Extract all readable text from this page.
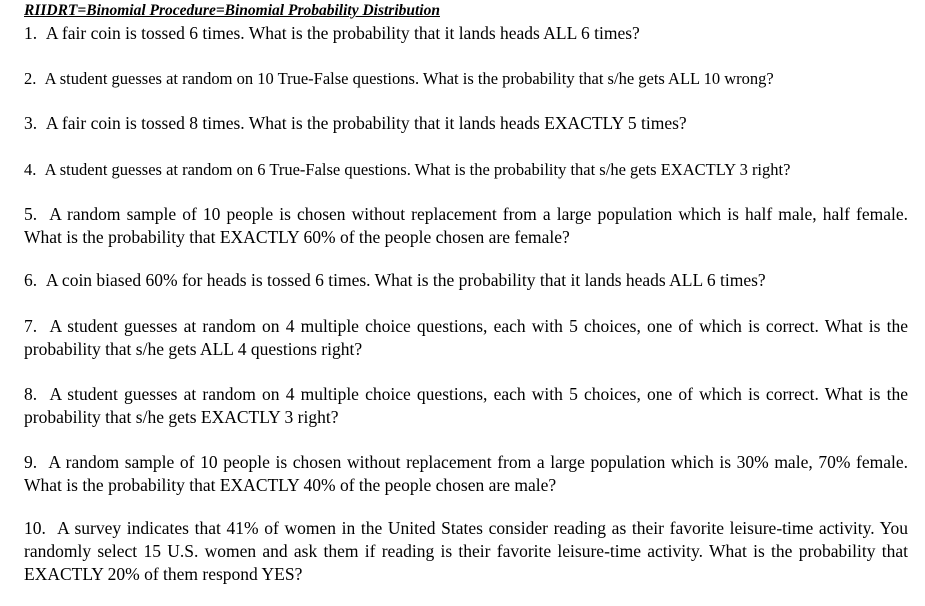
RIIDRT=Binomial Procedure=Binomial Probability Distribution

1. A fair coin is tossed 6 times. What is the probability that it lands heads ALL 6 times?

2. A student guesses at random on 10 True-False questions. What is the probability that s/he gets ALL 10 wrong?

3. A fair coin is tossed 8 times. What is the probability that it lands heads EXACTLY 5 times?

4. A student guesses at random on 6 True-False questions. What is the probability that s/he gets EXACTLY 3 right?

5. A random sample of 10 people is chosen without replacement from a large population which is half male, half female. What is the probability that EXACTLY 60% of the people chosen are female?

6. A coin biased 60% for heads is tossed 6 times. What is the probability that it lands heads ALL 6 times?

7. A student guesses at random on 4 multiple choice questions, each with 5 choices, one of which is correct. What is the probability that s/he gets ALL 4 questions right?

8. A student guesses at random on 4 multiple choice questions, each with 5 choices, one of which is correct. What is the probability that s/he gets EXACTLY 3 right?

9. A random sample of 10 people is chosen without replacement from a large population which is 30% male, 70% female. What is the probability that EXACTLY 40% of the people chosen are male?

10. A survey indicates that 41% of women in the United States consider reading as their favorite leisure-time activity. You randomly select 15 U.S. women and ask them if reading is their favorite leisure-time activity. What is the probability that EXACTLY 20% of them respond YES?
